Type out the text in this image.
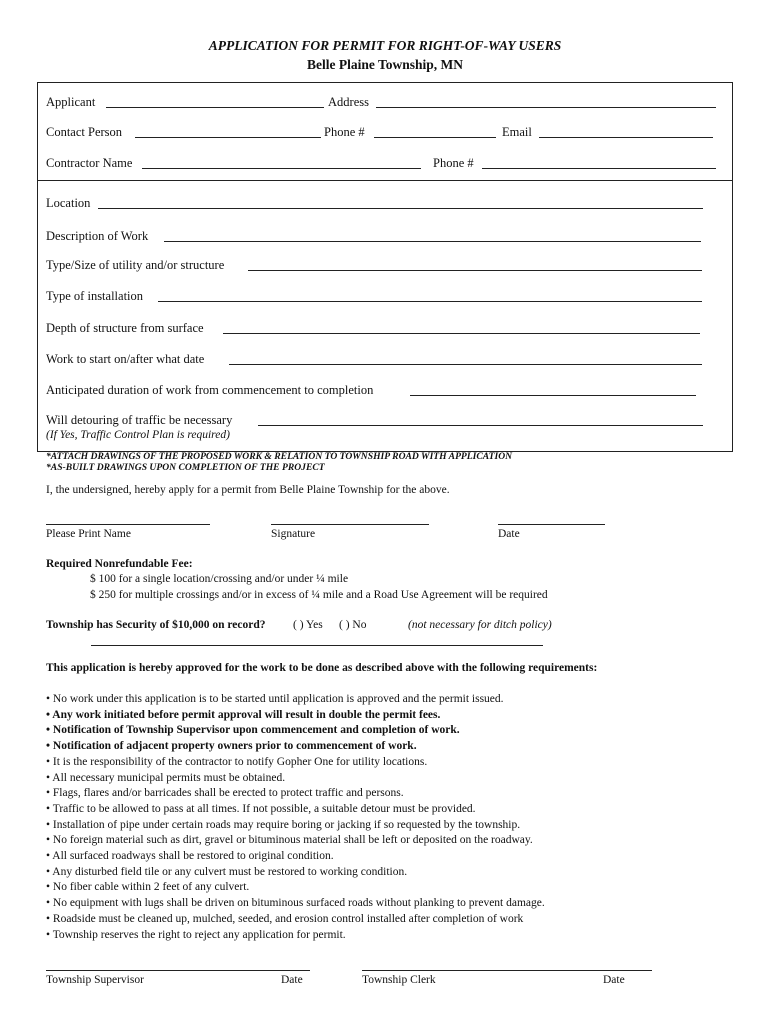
APPLICATION FOR PERMIT FOR RIGHT-OF-WAY USERS
Belle Plaine Township, MN
Applicant	Address
Contact Person	Phone #	Email
Contractor Name	Phone #
Location
Description of Work
Type/Size of utility and/or structure
Type of installation
Depth of structure from surface
Work to start on/after what date
Anticipated duration of work from commencement to completion
Will detouring of traffic be necessary
(If Yes, Traffic Control Plan is required)
*ATTACH DRAWINGS OF THE PROPOSED WORK & RELATION TO TOWNSHIP ROAD WITH APPLICATION
*AS-BUILT DRAWINGS UPON COMPLETION OF THE PROJECT
I, the undersigned, hereby apply for a permit from Belle Plaine Township for the above.
Please Print Name	Signature	Date
Required Nonrefundable Fee:
$ 100 for a single location/crossing and/or under ¼ mile
$ 250 for multiple crossings and/or in excess of ¼ mile and a Road Use Agreement will be required
Township has Security of $10,000 on record? ( ) Yes ( ) No	(not necessary for ditch policy)
This application is hereby approved for the work to be done as described above with the following requirements:
• No work under this application is to be started until application is approved and the permit issued.
• Any work initiated before permit approval will result in double the permit fees.
• Notification of Township Supervisor upon commencement and completion of work.
• Notification of adjacent property owners prior to commencement of work.
• It is the responsibility of the contractor to notify Gopher One for utility locations.
• All necessary municipal permits must be obtained.
• Flags, flares and/or barricades shall be erected to protect traffic and persons.
• Traffic to be allowed to pass at all times. If not possible, a suitable detour must be provided.
• Installation of pipe under certain roads may require boring or jacking if so requested by the township.
• No foreign material such as dirt, gravel or bituminous material shall be left or deposited on the roadway.
• All surfaced roadways shall be restored to original condition.
• Any disturbed field tile or any culvert must be restored to working condition.
• No fiber cable within 2 feet of any culvert.
• No equipment with lugs shall be driven on bituminous surfaced roads without planking to prevent damage.
• Roadside must be cleaned up, mulched, seeded, and erosion control installed after completion of work
• Township reserves the right to reject any application for permit.
Township Supervisor	Date	Township Clerk	Date
